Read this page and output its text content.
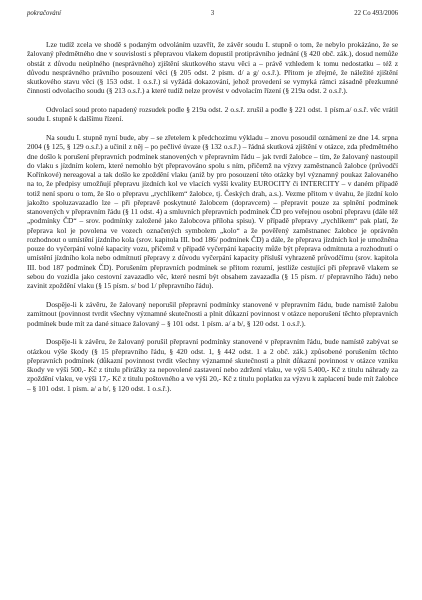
pokračování	3	22 Co 493/2006

Lze tudíž zcela ve shodě s podaným odvoláním uzavřít, že závěr soudu I. stupně o tom, že nebylo prokázáno, že se žalovaný předmětného dne v souvislosti s přepravou vlakem dopustil protiprávního jednání (§ 420 obč. zák.), dosud nemůže obstát z důvodu neúplného (nesprávného) zjištění skutkového stavu věci a – právě vzhledem k tomu nedostatku – též z důvodu nesprávného právního posouzení věci (§ 205 odst. 2 písm. d/ a g/ o.s.ř.). Přitom je zřejmé, že náležité zjištění skutkového stavu věci (§ 153 odst. 1 o.s.ř.) si vyžádá dokazování, jehož provedení se vymyká rámci zásadně přezkumné činnosti odvolacího soudu (§ 213 o.s.ř.) a které tudíž nelze provést v odvolacím řízení (§ 219a odst. 2 o.s.ř.).

Odvolací soud proto napadený rozsudek podle § 219a odst. 2 o.s.ř. zrušil a podle § 221 odst. 1 písm.a/ o.s.ř. věc vrátil soudu I. stupně k dalšímu řízení.

Na soudu I. stupně nyní bude, aby – se zřetelem k předchozímu výkladu – znovu posoudil oznámení ze dne 14. srpna 2004 (§ 125, § 129 o.s.ř.) a učinil z něj – po pečlivé úvaze (§ 132 o.s.ř.) – řádná skutková zjištění v otázce, zda předmětného dne došlo k porušení přepravních podmínek stanovených v přepravním řádu – jak tvrdí žalobce – tím, že žalovaný nastoupil do vlaku s jízdním kolem, které nemohlo být přepravováno spolu s ním, přičemž na výzvy zaměstnanců žalobce (průvodčí Kořínkové) nereagoval a tak došlo ke zpoždění vlaku (aniž by pro posouzení této otázky byl významný poukaz žalovaného na to, že předpisy umožňují přepravu jízdních kol ve vlacích vyšší kvality EUROCITY či INTERCITY – v daném případě totiž není sporu o tom, že šlo o přepravu „rychlíkem“ žalobce, tj. Českých drah, a.s.). Vezme přitom v úvahu, že jízdní kolo jakožto spoluzavazadlo lze – při přepravě poskytnuté žalobcem (dopravcem) – přepravit pouze za splnění podmínek stanovených v přepravním řádu (§ 11 odst. 4) a smluvních přepravních podmínek ČD pro veřejnou osobní přepravu (dále též „podmínky ČD“ – srov. podmínky založené jako žalobcova příloha spisu). V případě přepravy „rychlíkem“ pak platí, že přeprava kol je povolena ve vozech označených symbolem „kolo“ a že pověřený zaměstnanec žalobce je oprávněn rozhodnout o umístění jízdního kola (srov. kapitola III. bod 186/ podmínek ČD) a dále, že přeprava jízdních kol je umožněna pouze do vyčerpání volné kapacity vozu, přičemž v případě vyčerpání kapacity může být přeprava odmítnuta a rozhodnutí o umístění jízdního kola nebo odmítnutí přepravy z důvodu vyčerpání kapacity přísluší vyhrazeně průvodčímu (srov. kapitola III. bod 187 podmínek ČD). Porušením přepravních podmínek se přitom rozumí, jestliže cestující při přepravě vlakem se sebou do vozidla jako cestovní zavazadlo věc, které nesmí být obsahem zavazadla (§ 15 písm. r/ přepravního řádu) nebo zavinit zpoždění vlaku (§ 15 písm. s/ bod 1/ přepravního řádu).

Dospěje-li k závěru, že žalovaný neporušil přepravní podmínky stanovené v přepravním řádu, bude namístě žalobu zamítnout (povinnost tvrdit všechny významné skutečnosti a plnit důkazní povinnost v otázce neporušení těchto přepravních podmínek bude mít za dané situace žalovaný – § 101 odst. 1 písm. a/ a b/, § 120 odst. 1 o.s.ř.).

Dospěje-li k závěru, že žalovaný porušil přepravní podmínky stanovené v přepravním řádu, bude namístě zabývat se otázkou výše škody (§ 15 přepravního řádu, § 420 odst. 1, § 442 odst. 1 a 2 obč. zák.) způsobené porušením těchto přepravních podmínek (důkazní povinnost tvrdit všechny významné skutečnosti a plnit důkazní povinnost v otázce vzniku škody ve výši 500,- Kč z titulu přirážky za nepovolené zastavení nebo zdržení vlaku, ve výši 5.400,- Kč z titulu náhrady za zpoždění vlaku, ve výši 17,- Kč z titulu poštovného a ve výši 20,- Kč z titulu poplatku za výzvu k zaplacení bude mít žalobce – § 101 odst. 1 písm. a/ a b/, § 120 odst. 1 o.s.ř.).
